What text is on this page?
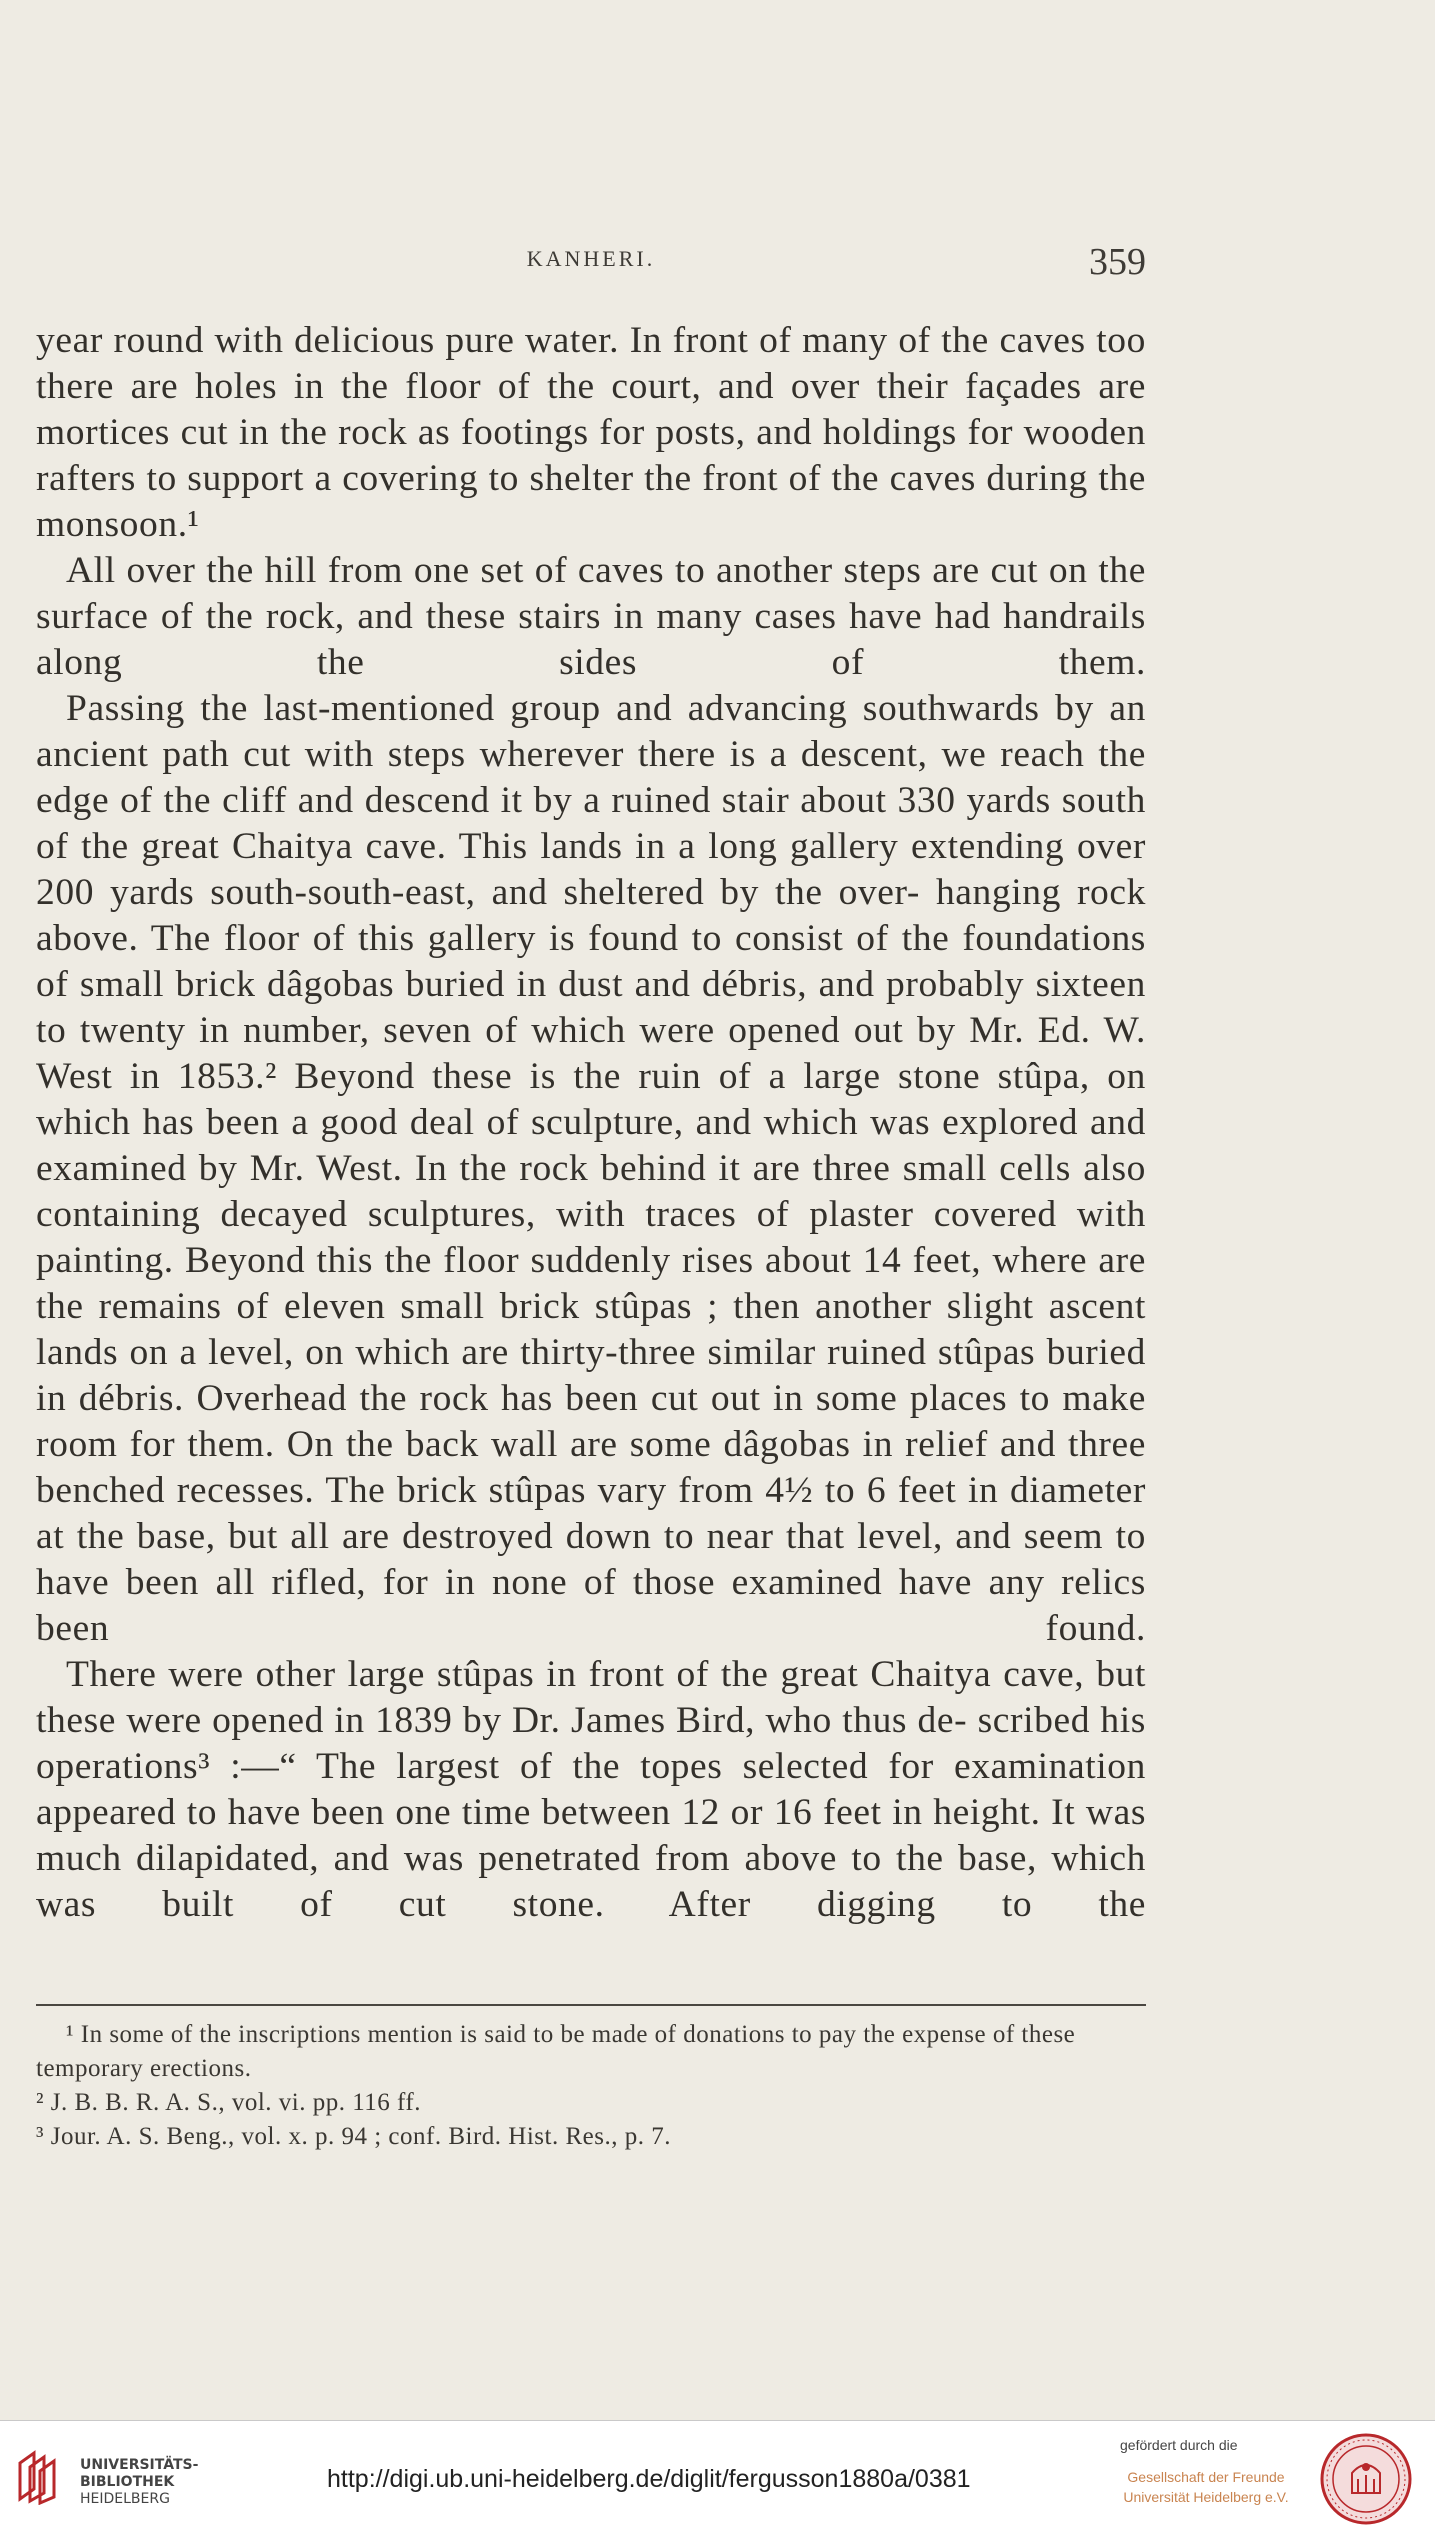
KANHERI.	359

year round with delicious pure water. In front of many of the caves too there are holes in the floor of the court, and over their façades are mortices cut in the rock as footings for posts, and holdings for wooden rafters to support a covering to shelter the front of the caves during the monsoon.¹

All over the hill from one set of caves to another steps are cut on the surface of the rock, and these stairs in many cases have had handrails along the sides of them.

Passing the last-mentioned group and advancing southwards by an ancient path cut with steps wherever there is a descent, we reach the edge of the cliff and descend it by a ruined stair about 330 yards south of the great Chaitya cave. This lands in a long gallery extending over 200 yards south-south-east, and sheltered by the over- hanging rock above. The floor of this gallery is found to consist of the foundations of small brick dâgobas buried in dust and débris, and probably sixteen to twenty in number, seven of which were opened out by Mr. Ed. W. West in 1853.² Beyond these is the ruin of a large stone stûpa, on which has been a good deal of sculpture, and which was explored and examined by Mr. West. In the rock behind it are three small cells also containing decayed sculptures, with traces of plaster covered with painting. Beyond this the floor suddenly rises about 14 feet, where are the remains of eleven small brick stûpas ; then another slight ascent lands on a level, on which are thirty-three similar ruined stûpas buried in débris. Overhead the rock has been cut out in some places to make room for them. On the back wall are some dâgobas in relief and three benched recesses. The brick stûpas vary from 4½ to 6 feet in diameter at the base, but all are destroyed down to near that level, and seem to have been all rifled, for in none of those examined have any relics been found.

There were other large stûpas in front of the great Chaitya cave, but these were opened in 1839 by Dr. James Bird, who thus de- scribed his operations³ :—“ The largest of the topes selected for examination appeared to have been one time between 12 or 16 feet in height. It was much dilapidated, and was penetrated from above to the base, which was built of cut stone. After digging to the

¹ In some of the inscriptions mention is said to be made of donations to pay the expense of these temporary erections.

² J. B. B. R. A. S., vol. vi. pp. 116 ff.

³ Jour. A. S. Beng., vol. x. p. 94 ; conf. Bird. Hist. Res., p. 7.

UNIVERSITÄTS-
BIBLIOTHEK
HEIDELBERG
http://digi.ub.uni-heidelberg.de/diglit/fergusson1880a/0381
gefördert durch die
Gesellschaft der Freunde
Universität Heidelberg e.V.
